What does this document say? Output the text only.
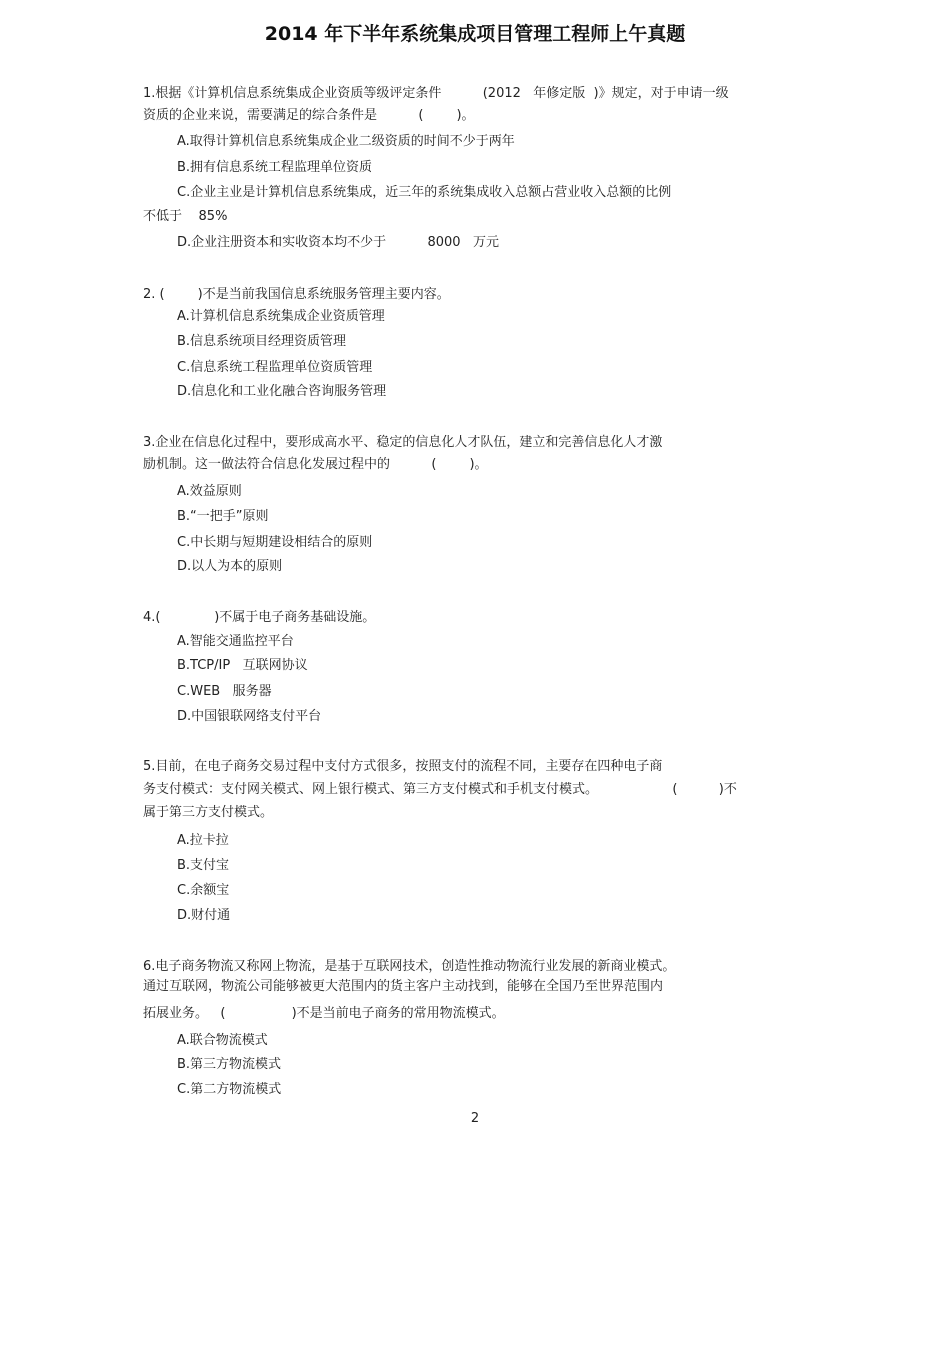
2014 年下半年系统集成项目管理工程师上午真题
1.根据《计算机信息系统集成企业资质等级评定条件          (2012   年修定版  )》规定，对于申请一级
资质的企业来说，需要满足的综合条件是          (        )。
A.取得计算机信息系统集成企业二级资质的时间不少于两年
B.拥有信息系统工程监理单位资质
C.企业主业是计算机信息系统集成，近三年的系统集成收入总额占营业收入总额的比例
不低于    85%
D.企业注册资本和实收资本均不少于          8000   万元
2. (        )不是当前我国信息系统服务管理主要内容。
A.计算机信息系统集成企业资质管理
B.信息系统项目经理资质管理
C.信息系统工程监理单位资质管理
D.信息化和工业化融合咨询服务管理
3.企业在信息化过程中，要形成高水平、稳定的信息化人才队伍，建立和完善信息化人才激
励机制。这一做法符合信息化发展过程中的          (        )。
A.效益原则
B.“一把手”原则
C.中长期与短期建设相结合的原则
D.以人为本的原则
4.(             )不属于电子商务基础设施。
A.智能交通监控平台
B.TCP/IP   互联网协议
C.WEB   服务器
D.中国银联网络支付平台
5.目前，在电子商务交易过程中支付方式很多，按照支付的流程不同，主要存在四种电子商
务支付模式：支付网关模式、网上银行模式、第三方支付模式和手机支付模式。                  (          )不
属于第三方支付模式。
A.拉卡拉
B.支付宝
C.余额宝
D.财付通
6.电子商务物流又称网上物流，是基于互联网技术，创造性推动物流行业发展的新商业模式。
通过互联网，物流公司能够被更大范围内的货主客户主动找到，能够在全国乃至世界范围内
拓展业务。   (                )不是当前电子商务的常用物流模式。
A.联合物流模式
B.第三方物流模式
C.第二方物流模式
2
